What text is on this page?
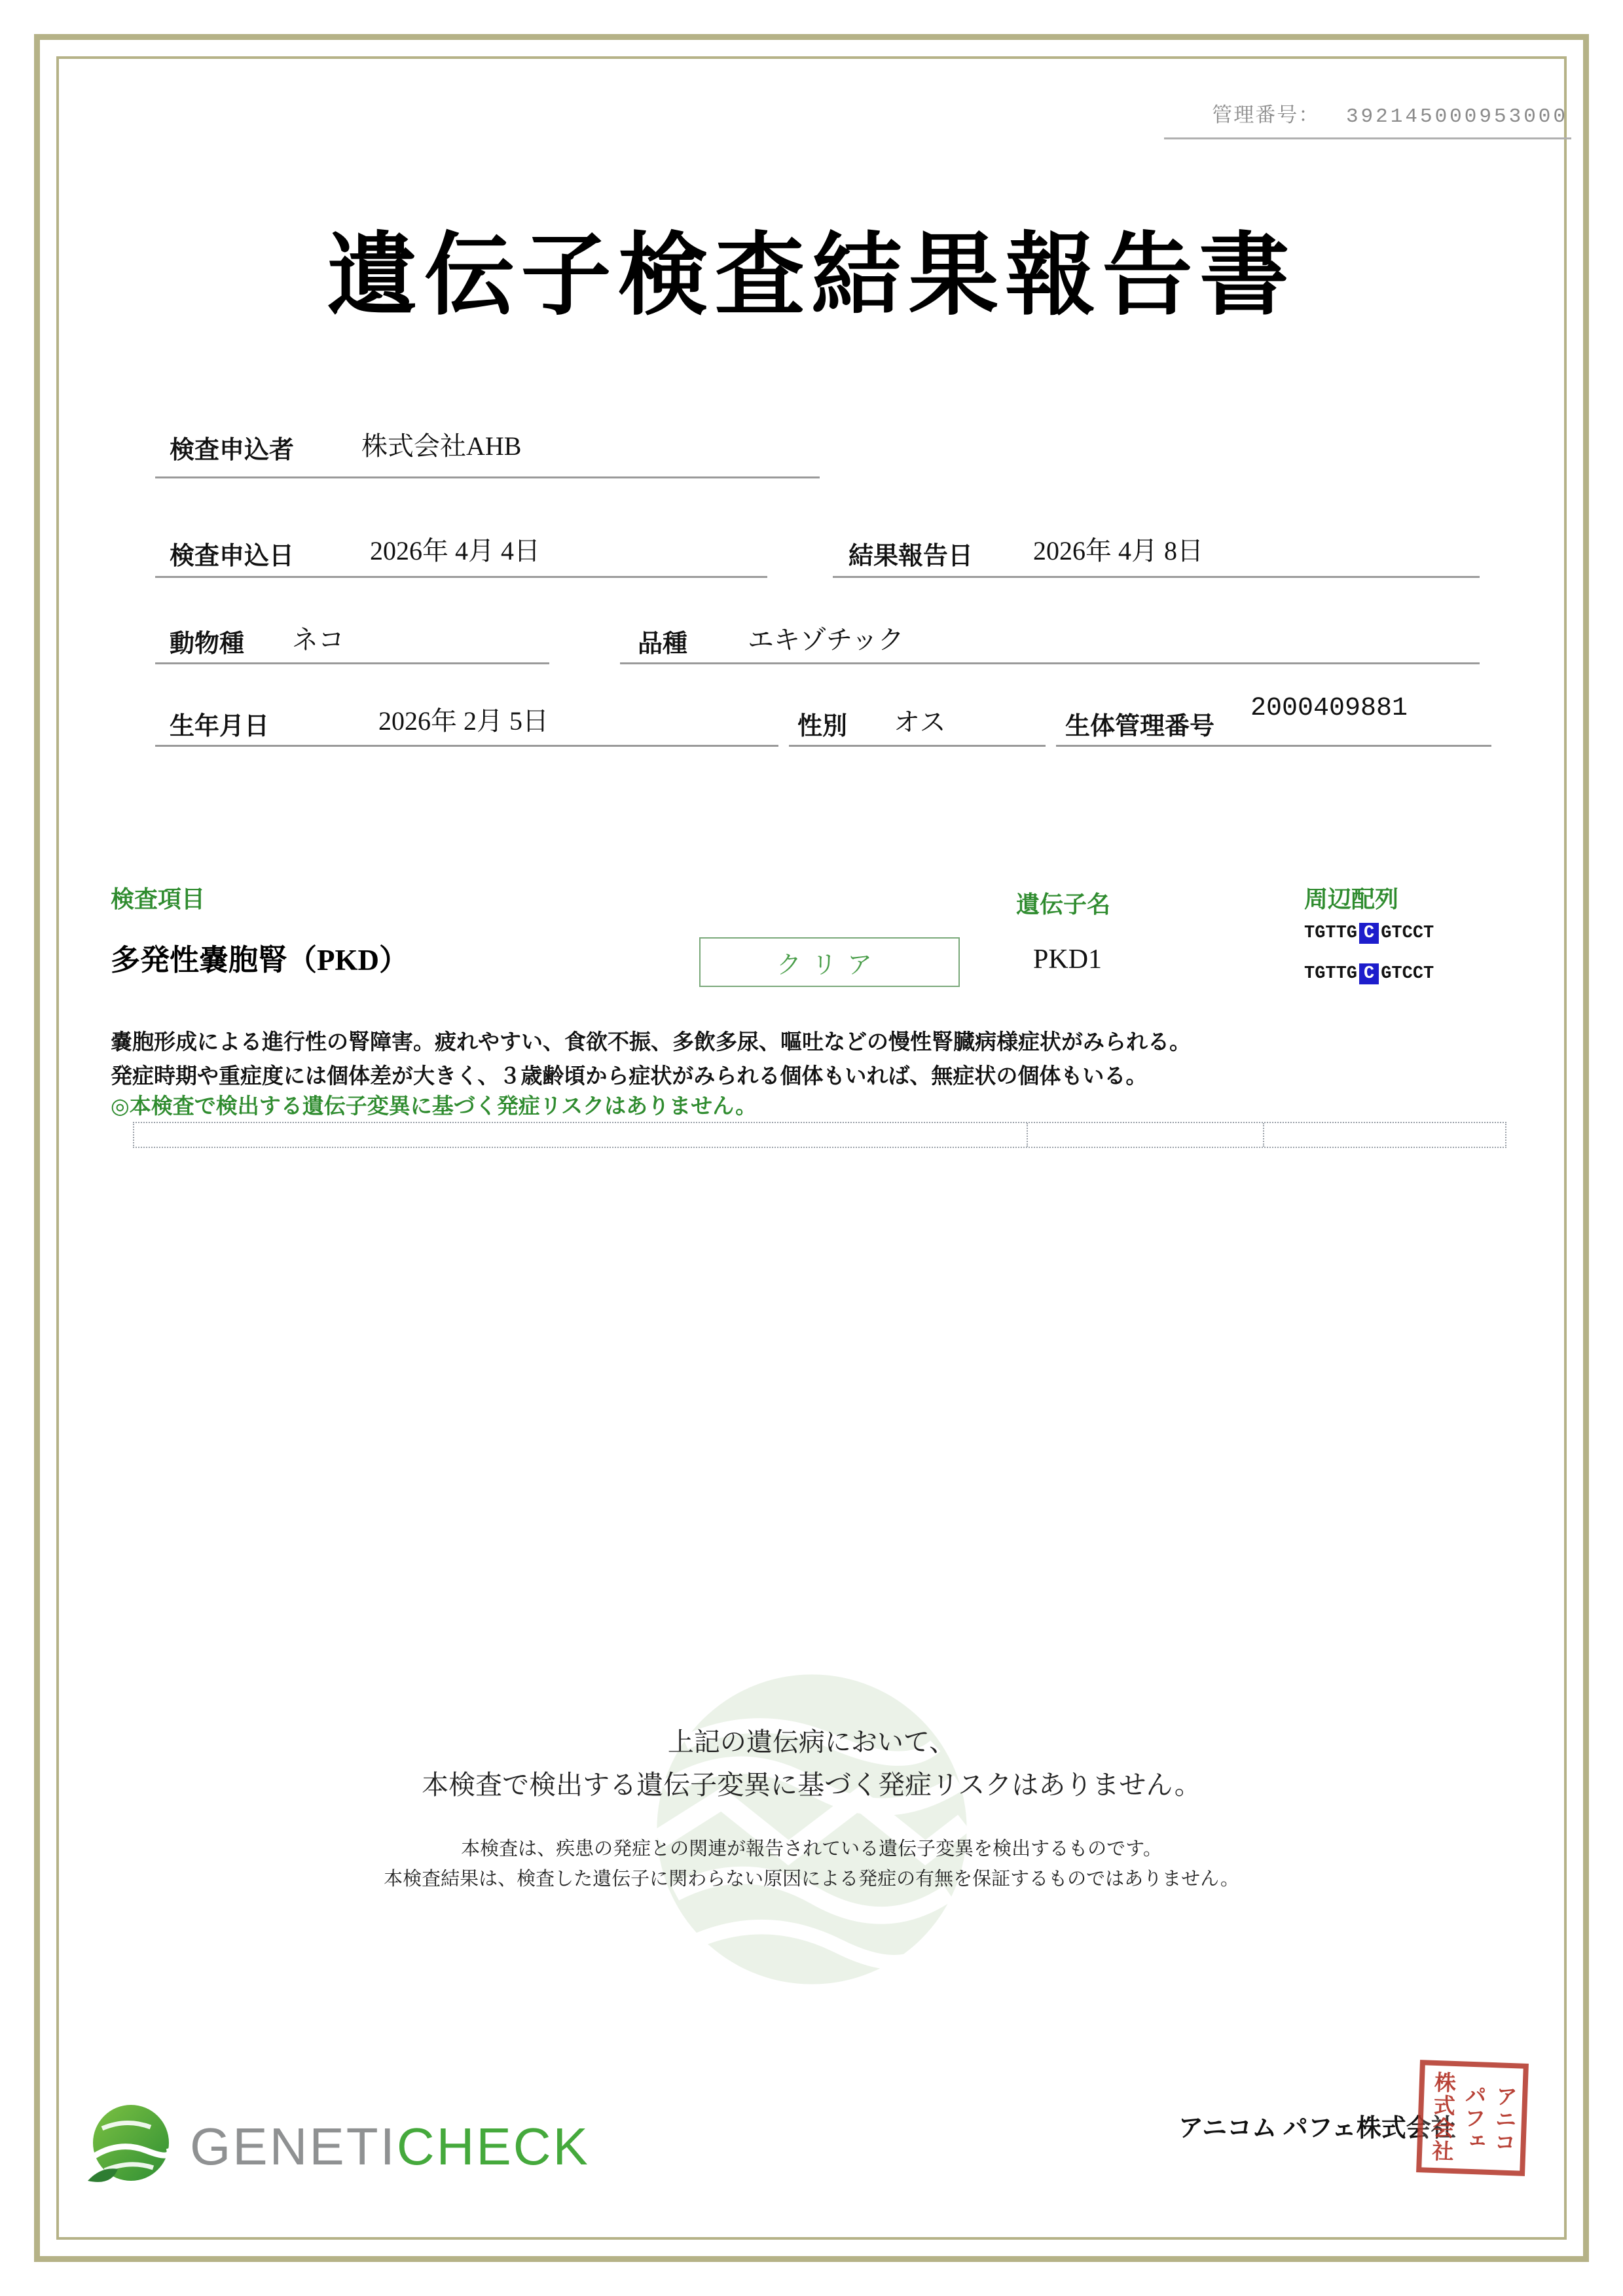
管理番号： 392145000953000
遺伝子検査結果報告書
検査申込者	株式会社AHB
検査申込日	2026年 4月 4日	結果報告日 2026年 4月 8日
動物種 ネコ	品種 エキゾチック
生年月日	2026年 2月 5日	性別 オス	生体管理番号
2000409881
検査項目	遺伝子名	周辺配列
多発性嚢胞腎（PKD）	クリア	PKD1
TGTTG C GTCCT
TGTTG C GTCCT
嚢胞形成による進行性の腎障害。疲れやすい、食欲不振、多飲多尿、嘔吐などの慢性腎臓病様症状がみられる。
発症時期や重症度には個体差が大きく、３歳齢頃から症状がみられる個体もいれば、無症状の個体もいる。
◎本検査で検出する遺伝子変異に基づく発症リスクはありません。
上記の遺伝病において、
本検査で検出する遺伝子変異に基づく発症リスクはありません。
本検査は、疾患の発症との関連が報告されている遺伝子変異を検出するものです。
本検査結果は、検査した遺伝子に関わらない原因による発症の有無を保証するものではありません。
GENETICHECK	アニコム パフェ株式会社 アニコ
パフェ
株式会社
